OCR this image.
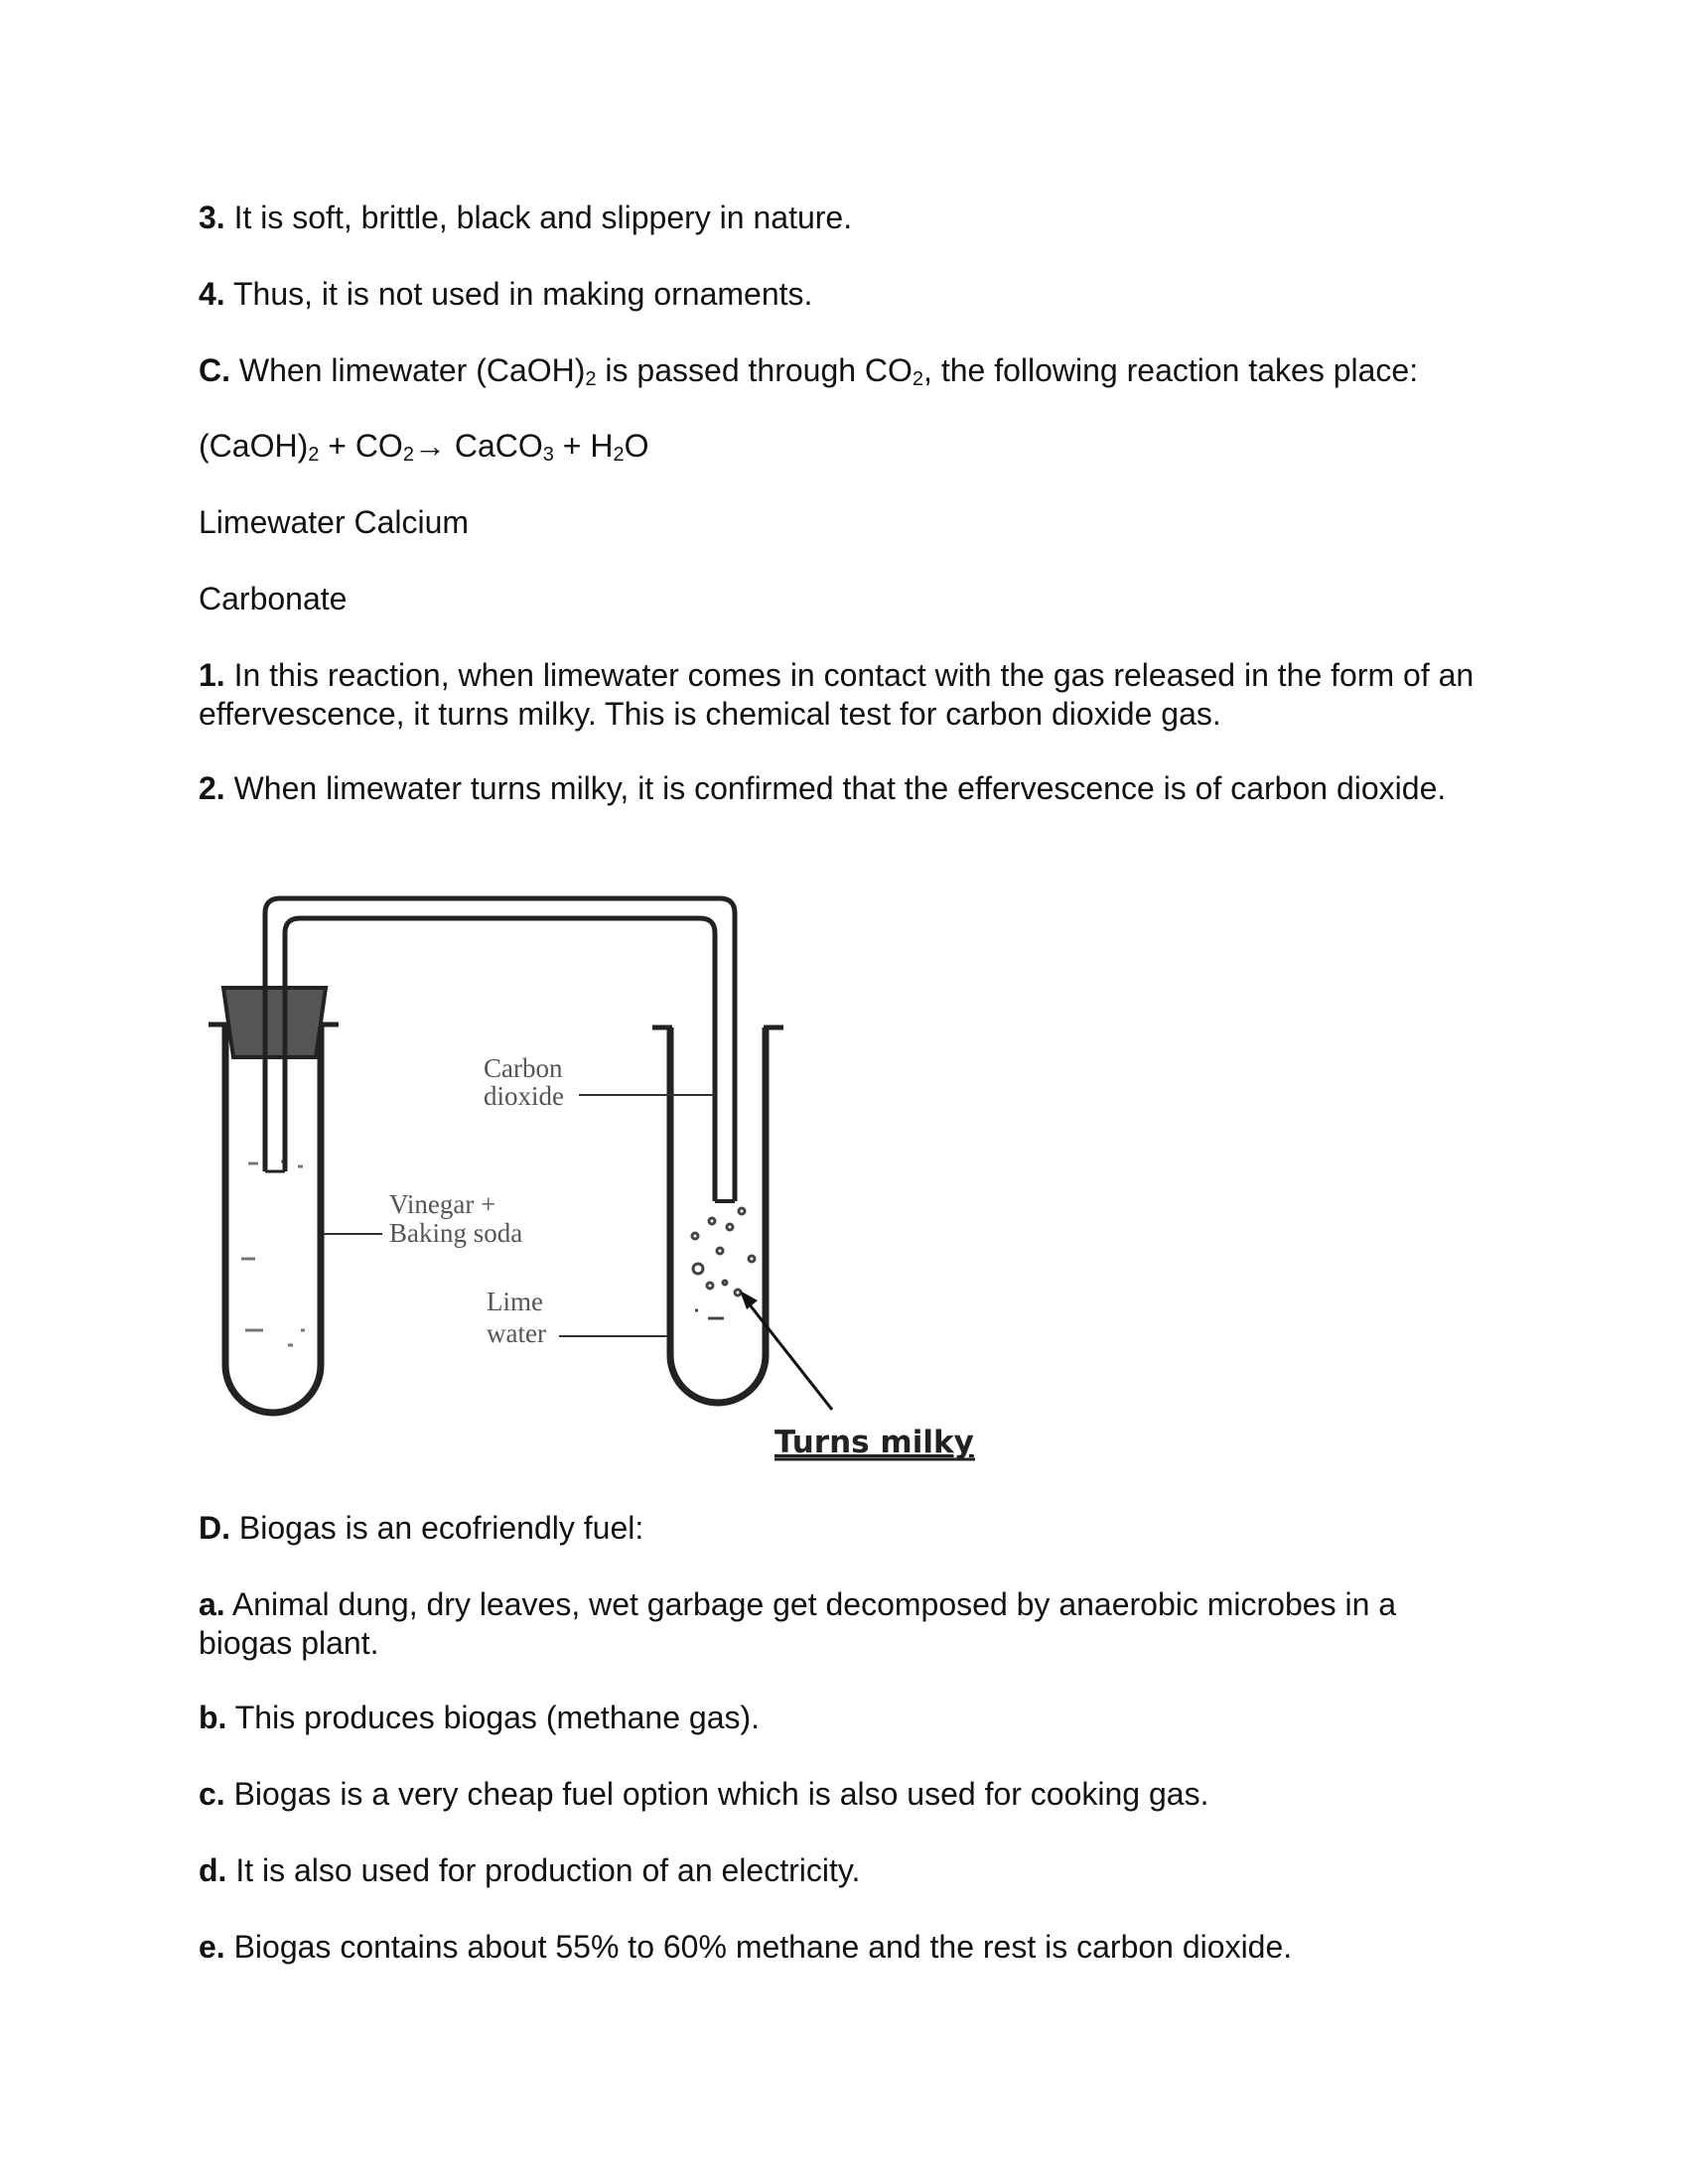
3. It is soft, brittle, black and slippery in nature.

4. Thus, it is not used in making ornaments.

C. When limewater $(CaOH)_2$ is passed through $CO_2$, the following reaction takes place:

$(CaOH)_2 + CO_2\to$ CaCO$_3$ + $H_2O$

Limewater Calcium

Carbonate

1. In this reaction, when limewater comes in contact with the gas released in the form of an effervescence, it turns milky. This is chemical test for carbon dioxide gas.

2. When limewater turns milky, it is confirmed that the effervescence is of carbon dioxide.

Carbon
dioxide
Vinegar +
Baking soda
Lime
water
Turns milky

D. Biogas is an ecofriendly fuel:

a. Animal dung, dry leaves, wet garbage get decomposed by anaerobic microbes in a biogas plant.

b. This produces biogas (methane gas).

c. Biogas is a very cheap fuel option which is also used for cooking gas.

d. It is also used for production of an electricity.

e. Biogas contains about 55% to 60% methane and the rest is carbon dioxide.
